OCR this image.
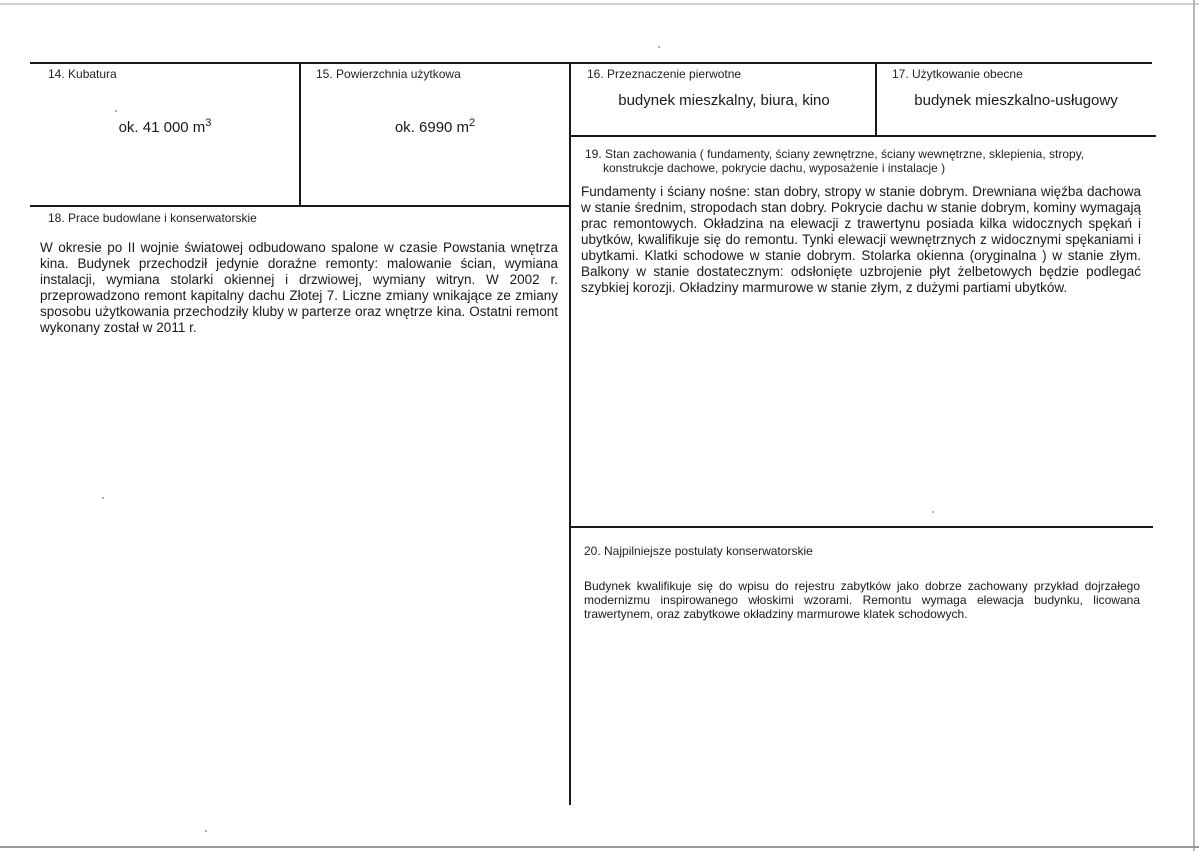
14. Kubatura
ok. 41 000 $m^3$
15. Powierzchnia użytkowa
ok. 6990 $m^2$
16. Przeznaczenie pierwotne
budynek mieszkalny, biura, kino
17. Użytkowanie obecne
budynek mieszkalno-usługowy
18. Prace budowlane i konserwatorskie
W okresie po II wojnie światowej odbudowano spalone w czasie Powstania wnętrza kina. Budynek przechodził jedynie doraźne remonty: malowanie ścian, wymiana instalacji, wymiana stolarki okiennej i drzwiowej, wymiany witryn. W 2002 r. przeprowadzono remont kapitalny dachu Złotej 7. Liczne zmiany wnikające ze zmiany sposobu użytkowania przechodziły kluby w parterze oraz wnętrze kina. Ostatni remont wykonany został w 2011 r.
19. Stan zachowania ( fundamenty, ściany zewnętrzne, ściany wewnętrzne, sklepienia, stropy,
konstrukcje dachowe, pokrycie dachu, wyposażenie i instalacje )
Fundamenty i ściany nośne: stan dobry, stropy w stanie dobrym. Drewniana więźba dachowa w stanie średnim, stropodach stan dobry. Pokrycie dachu w stanie dobrym, kominy wymagają prac remontowych. Okładzina na elewacji z trawertynu posiada kilka widocznych spękań i ubytków, kwalifikuje się do remontu. Tynki elewacji wewnętrznych z widocznymi spękaniami i ubytkami. Klatki schodowe w stanie dobrym. Stolarka okienna (oryginalna ) w stanie złym. Balkony w stanie dostatecznym: odsłonięte uzbrojenie płyt żelbetowych będzie podlegać szybkiej korozji. Okładziny marmurowe w stanie złym, z dużymi partiami ubytków.
20. Najpilniejsze postulaty konserwatorskie
Budynek kwalifikuje się do wpisu do rejestru zabytków jako dobrze zachowany przykład dojrzałego modernizmu inspirowanego włoskimi wzorami. Remontu wymaga elewacja budynku, licowana trawertynem, oraz zabytkowe okładziny marmurowe klatek schodowych.
